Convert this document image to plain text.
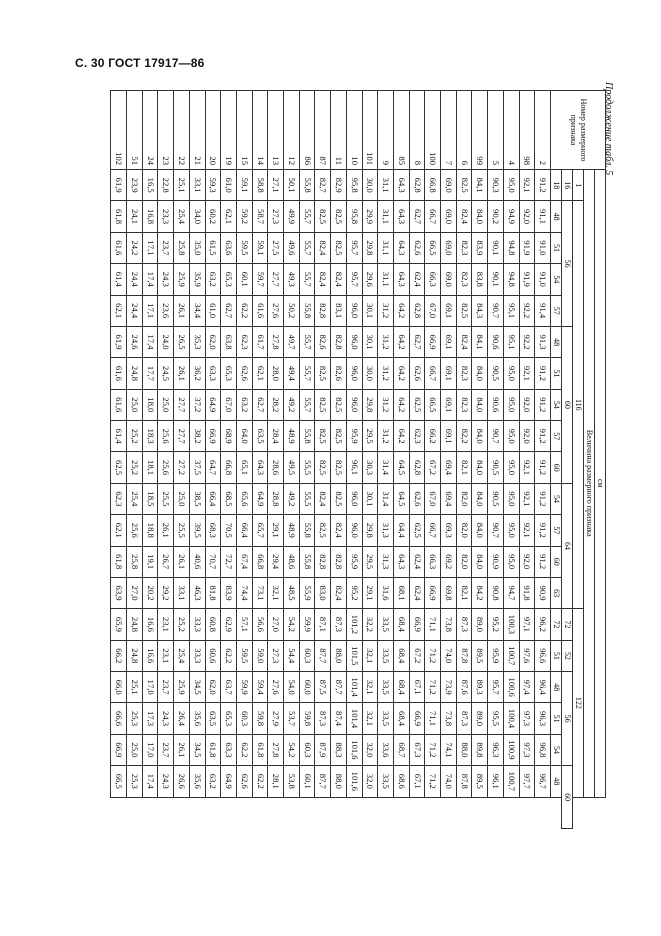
С. 30 ГОСТ 17917—86
Продолжение табл. 5
Номер размерного признака	см																			
	Величина размерного признака																			
	1	116													122					
	16	56				60					64				72	52	56			60
	18	48	51	54	57	48	51	54	57	60	54	57	60	63	72	51	48	51	54	48
2	91,2	91,1	91,0	91,0	91,4	91,3	91,2	91,2	91,2	91,2	91,2	91,2	91,2	90,9	96,2	96,6	96,4	96,3	96,8	96,7
98	92,1	92,0	91,9	91,9	92,2	92,2	92,1	92,0	92,0	92,1	92,1	92,1	92,0	91,8	97,1	97,6	97,4	97,3	97,3	97,7
4	95,0	94,9	94,8	94,8	95,1	95,1	95,0	95,0	95,0	95,0	95,0	95,0	95,0	94,7	100,3	100,7	100,6	100,4	100,9	100,7
5	90,3	90,2	90,1	90,1	90,7	90,6	90,5	90,6	90,7	90,5	90,5	90,7	90,9	90,8	95,2	95,9	95,7	95,5	96,3	96,1
99	84,1	84,0	83,9	83,8	84,3	84,1	84,0	84,0	84,0	84,0	84,0	84,0	84,0	84,2	89,0	89,5	89,3	89,0	89,8	89,5
6	82,5	82,4	82,3	82,3	82,5	82,4	82,3	82,3	82,2	82,1	82,0	82,0	82,0	82,1	87,3	87,8	87,6	87,3	88,0	87,8
7	69,0	69,0	69,0	69,0	69,1	69,1	69,1	69,1	69,1	69,4	69,4	69,3	69,2	69,8	73,8	74,0	73,9	73,8	74,1	74,0
100	66,8	66,7	66,5	66,3	67,0	66,9	66,7	66,5	66,2	67,2	67,0	66,7	66,3	66,9	71,1	71,2	71,2	71,1	71,2	71,2
8	62,8	62,7	62,6	62,4	62,8	62,7	62,6	62,5	62,3	62,8	62,6	62,5	62,4	62,4	66,9	67,2	67,1	66,9	67,3	67,1
85	64,3	64,3	64,3	64,3	64,2	64,2	64,2	64,2	64,2	64,5	64,5	64,4	64,3	68,1	68,4	68,4	68,4	68,4	68,7	68,6
9	31,1	31,1	31,1	31,1	31,2	31,2	31,2	31,2	31,2	31,4	31,4	31,3	31,3	31,6	33,5	33,5	33,5	33,5	33,6	33,5
101	30,0	29,9	29,8	29,6	30,1	30,1	30,0	29,8	29,5	30,3	30,1	29,8	29,5	29,1	32,2	32,1	32,1	32,1	32,0	32,0
10	95,8	95,8	95,7	95,7	96,0	96,0	96,0	96,0	95,9	96,1	96,0	96,0	95,9	95,2	101,2	101,5	101,4	101,4	101,6	101,6
11	82,9	82,5	82,5	82,4	83,1	82,8	82,6	82,5	82,5	82,5	82,5	82,4	82,8	82,4	87,3	88,0	87,7	87,4	88,3	88,0
87	82,7	82,5	82,4	82,4	82,8	82,6	82,5	82,5	82,5	82,5	82,4	82,5	82,8	83,0	87,1	87,7	87,5	87,3	87,9	87,7
86	55,8	55,7	55,7	55,7	55,8	55,7	55,7	55,7	55,8	55,5	55,5	55,8	55,8	55,9	59,9	60,3	60,0	59,8	60,3	60,1
12	50,1	49,9	49,6	49,3	50,2	49,7	49,4	49,2	48,9	49,5	49,2	48,9	48,6	48,5	54,2	54,4	54,0	53,7	54,2	53,8
13	27,1	27,3	27,5	27,7	27,6	27,8	28,0	28,2	28,4	28,6	28,8	29,1	29,4	32,1	27,0	27,3	27,6	27,9	27,8	28,1
14	58,8	58,7	59,1	59,7	61,6	61,7	62,1	62,7	63,5	64,3	64,9	65,7	66,8	73,1	56,6	59,0	59,4	59,8	61,8	62,2
15	59,1	59,2	59,5	60,1	62,2	62,3	62,6	63,2	64,0	65,1	65,6	66,4	67,4	74,4	57,1	59,5	59,9	60,3	62,2	62,6
19	61,0	62,1	63,6	65,3	62,7	63,8	65,3	67,0	68,9	66,8	68,5	70,5	72,7	83,9	62,9	62,2	63,7	65,3	63,3	64,9
20	59,3	60,2	61,5	63,2	61,0	62,0	63,3	64,9	66,9	64,7	66,4	68,3	70,7	81,8	60,8	60,6	62,0	63,5	61,8	63,2
21	33,1	34,0	35,0	35,9	34,4	35,3	36,2	37,2	38,2	37,5	38,5	39,5	40,6	46,3	33,3	33,3	34,5	35,6	34,5	35,6
22	25,1	25,4	25,8	25,9	26,1	26,5	26,1	27,7	27,7	27,2	25,0	25,5	26,1	33,1	25,2	25,4	25,9	26,4	26,1	26,6
23	22,8	23,3	23,7	24,3	23,6	24,0	24,5	25,0	25,6	25,6	25,5	26,1	26,7	29,2	23,1	23,1	23,7	24,3	23,7	24,3
24	16,5	16,8	17,1	17,4	17,1	17,4	17,7	18,0	18,3	18,1	18,5	18,8	19,1	20,2	16,6	16,6	17,0	17,3	17,0	17,4
51	23,9	24,1	24,2	24,4	24,4	24,6	24,8	25,0	25,2	25,2	25,4	25,6	25,8	27,0	24,8	24,8	25,1	25,3	25,0	25,3
102	61,9	61,8	61,6	61,4	62,1	61,9	61,6	61,6	61,4	62,5	62,3	62,1	61,8	63,9	65,9	66,2	66,0	66,6	66,9	66,5
